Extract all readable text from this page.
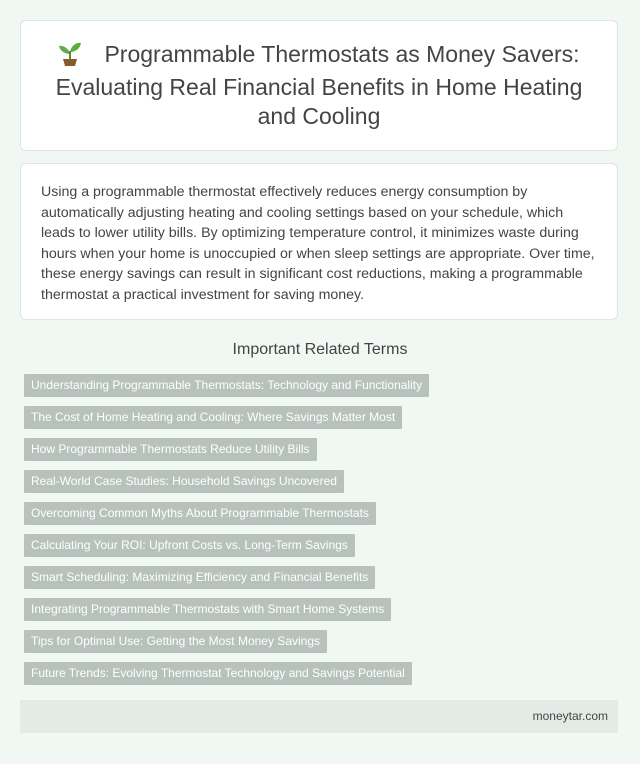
Programmable Thermostats as Money Savers: Evaluating Real Financial Benefits in Home Heating and Cooling

Using a programmable thermostat effectively reduces energy consumption by automatically adjusting heating and cooling settings based on your schedule, which leads to lower utility bills. By optimizing temperature control, it minimizes waste during hours when your home is unoccupied or when sleep settings are appropriate. Over time, these energy savings can result in significant cost reductions, making a programmable thermostat a practical investment for saving money.

Important Related Terms
Understanding Programmable Thermostats: Technology and Functionality
The Cost of Home Heating and Cooling: Where Savings Matter Most
How Programmable Thermostats Reduce Utility Bills
Real-World Case Studies: Household Savings Uncovered
Overcoming Common Myths About Programmable Thermostats
Calculating Your ROI: Upfront Costs vs. Long-Term Savings
Smart Scheduling: Maximizing Efficiency and Financial Benefits
Integrating Programmable Thermostats with Smart Home Systems
Tips for Optimal Use: Getting the Most Money Savings
Future Trends: Evolving Thermostat Technology and Savings Potential
moneytar.com
